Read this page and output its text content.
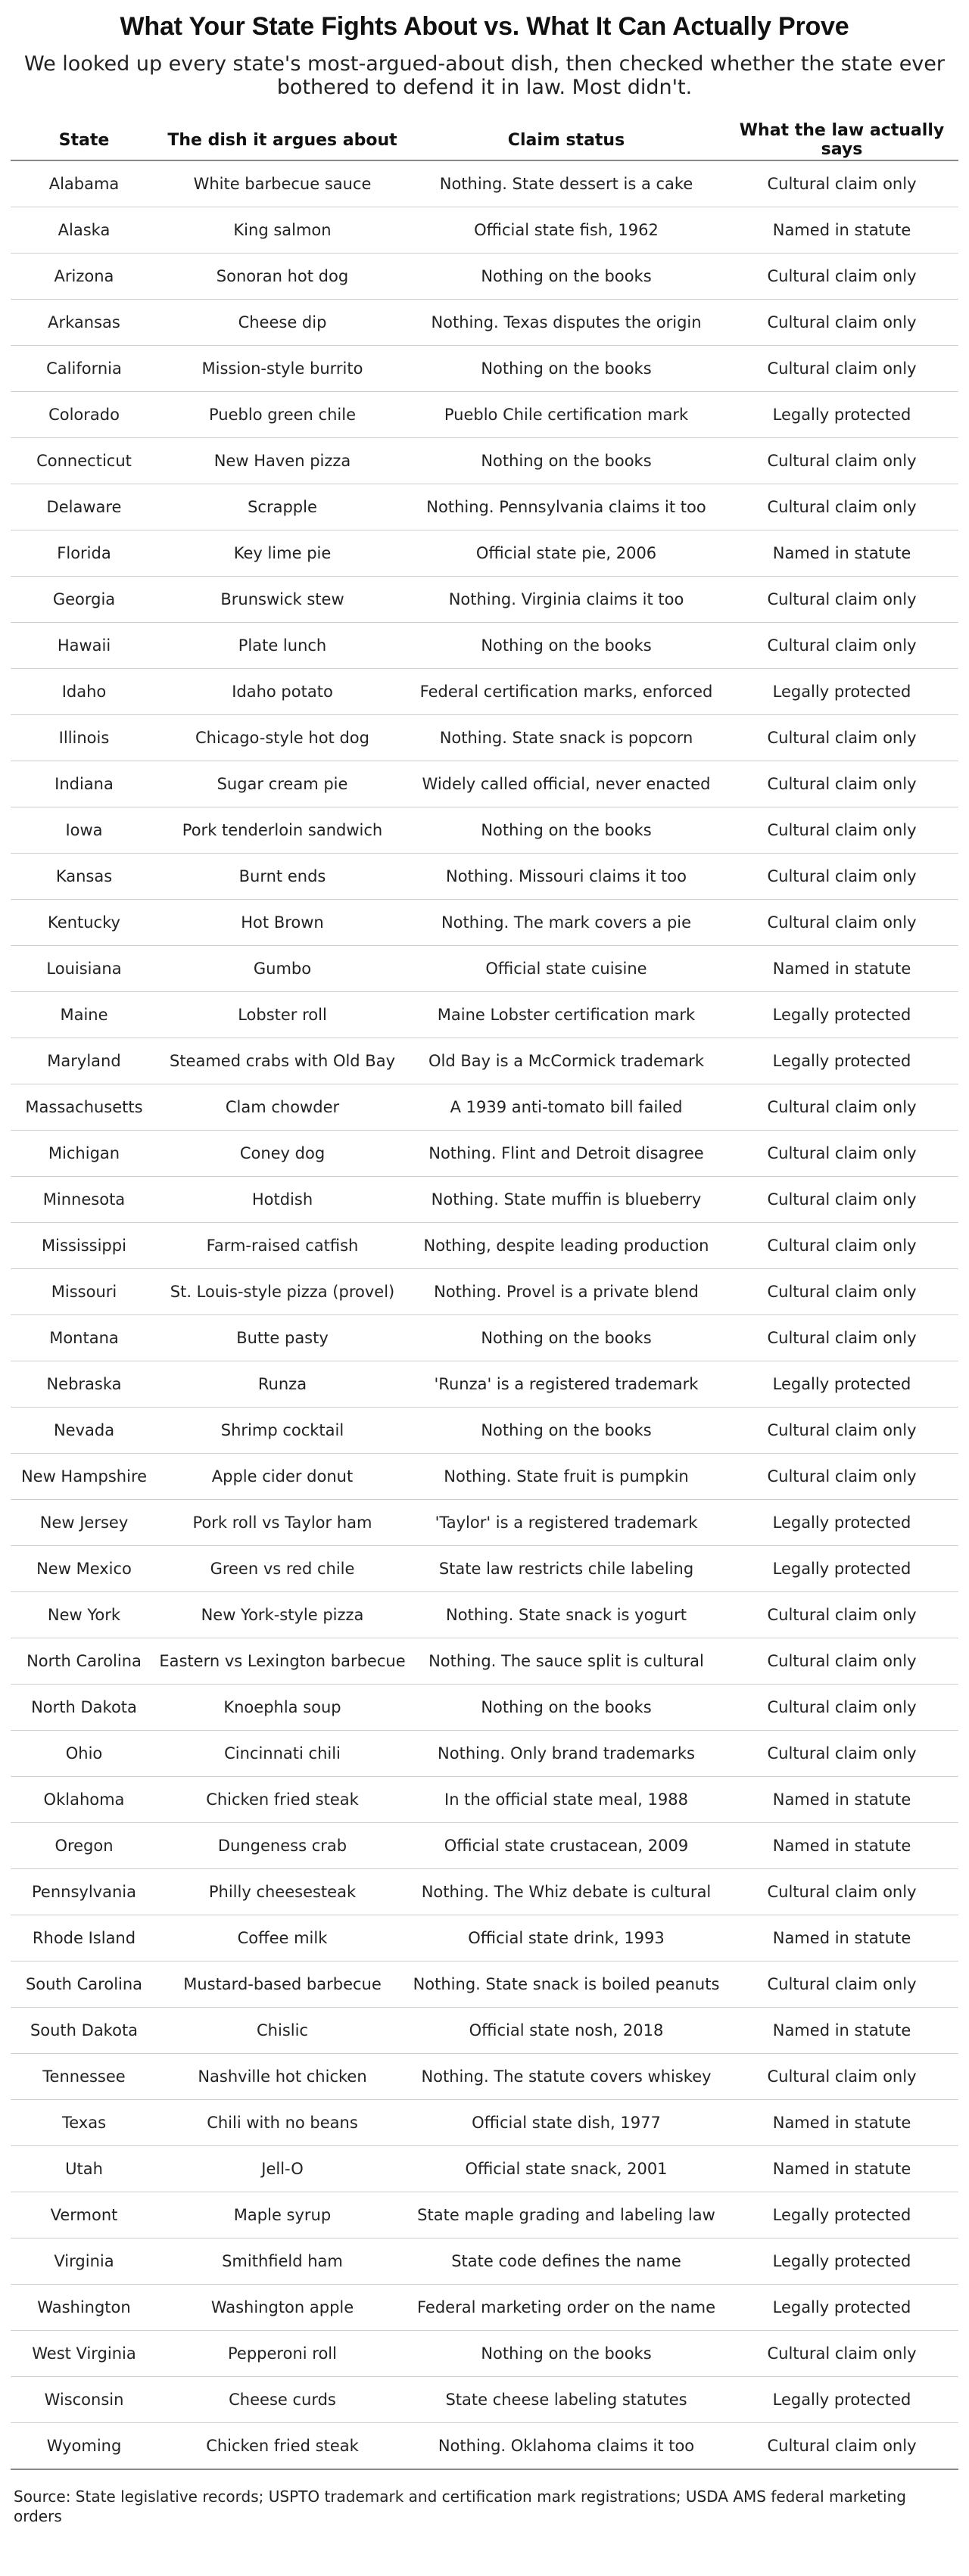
What Your State Fights About vs. What It Can Actually Prove

We looked up every state's most-argued-about dish, then checked whether the state ever bothered to defend it in law. Most didn't.

State	The dish it argues about	Claim status	What the law actually says
Alabama	White barbecue sauce	Nothing. State dessert is a cake	Cultural claim only
Alaska	King salmon	Official state fish, 1962	Named in statute
Arizona	Sonoran hot dog	Nothing on the books	Cultural claim only
Arkansas	Cheese dip	Nothing. Texas disputes the origin	Cultural claim only
California	Mission-style burrito	Nothing on the books	Cultural claim only
Colorado	Pueblo green chile	Pueblo Chile certification mark	Legally protected
Connecticut	New Haven pizza	Nothing on the books	Cultural claim only
Delaware	Scrapple	Nothing. Pennsylvania claims it too	Cultural claim only
Florida	Key lime pie	Official state pie, 2006	Named in statute
Georgia	Brunswick stew	Nothing. Virginia claims it too	Cultural claim only
Hawaii	Plate lunch	Nothing on the books	Cultural claim only
Idaho	Idaho potato	Federal certification marks, enforced	Legally protected
Illinois	Chicago-style hot dog	Nothing. State snack is popcorn	Cultural claim only
Indiana	Sugar cream pie	Widely called official, never enacted	Cultural claim only
Iowa	Pork tenderloin sandwich	Nothing on the books	Cultural claim only
Kansas	Burnt ends	Nothing. Missouri claims it too	Cultural claim only
Kentucky	Hot Brown	Nothing. The mark covers a pie	Cultural claim only
Louisiana	Gumbo	Official state cuisine	Named in statute
Maine	Lobster roll	Maine Lobster certification mark	Legally protected
Maryland	Steamed crabs with Old Bay	Old Bay is a McCormick trademark	Legally protected
Massachusetts	Clam chowder	A 1939 anti-tomato bill failed	Cultural claim only
Michigan	Coney dog	Nothing. Flint and Detroit disagree	Cultural claim only
Minnesota	Hotdish	Nothing. State muffin is blueberry	Cultural claim only
Mississippi	Farm-raised catfish	Nothing, despite leading production	Cultural claim only
Missouri	St. Louis-style pizza (provel)	Nothing. Provel is a private blend	Cultural claim only
Montana	Butte pasty	Nothing on the books	Cultural claim only
Nebraska	Runza	'Runza' is a registered trademark	Legally protected
Nevada	Shrimp cocktail	Nothing on the books	Cultural claim only
New Hampshire	Apple cider donut	Nothing. State fruit is pumpkin	Cultural claim only
New Jersey	Pork roll vs Taylor ham	'Taylor' is a registered trademark	Legally protected
New Mexico	Green vs red chile	State law restricts chile labeling	Legally protected
New York	New York-style pizza	Nothing. State snack is yogurt	Cultural claim only
North Carolina	Eastern vs Lexington barbecue	Nothing. The sauce split is cultural	Cultural claim only
North Dakota	Knoephla soup	Nothing on the books	Cultural claim only
Ohio	Cincinnati chili	Nothing. Only brand trademarks	Cultural claim only
Oklahoma	Chicken fried steak	In the official state meal, 1988	Named in statute
Oregon	Dungeness crab	Official state crustacean, 2009	Named in statute
Pennsylvania	Philly cheesesteak	Nothing. The Whiz debate is cultural	Cultural claim only
Rhode Island	Coffee milk	Official state drink, 1993	Named in statute
South Carolina	Mustard-based barbecue	Nothing. State snack is boiled peanuts	Cultural claim only
South Dakota	Chislic	Official state nosh, 2018	Named in statute
Tennessee	Nashville hot chicken	Nothing. The statute covers whiskey	Cultural claim only
Texas	Chili with no beans	Official state dish, 1977	Named in statute
Utah	Jell-O	Official state snack, 2001	Named in statute
Vermont	Maple syrup	State maple grading and labeling law	Legally protected
Virginia	Smithfield ham	State code defines the name	Legally protected
Washington	Washington apple	Federal marketing order on the name	Legally protected
West Virginia	Pepperoni roll	Nothing on the books	Cultural claim only
Wisconsin	Cheese curds	State cheese labeling statutes	Legally protected
Wyoming	Chicken fried steak	Nothing. Oklahoma claims it too	Cultural claim only

Source: State legislative records; USPTO trademark and certification mark registrations; USDA AMS federal marketing orders
